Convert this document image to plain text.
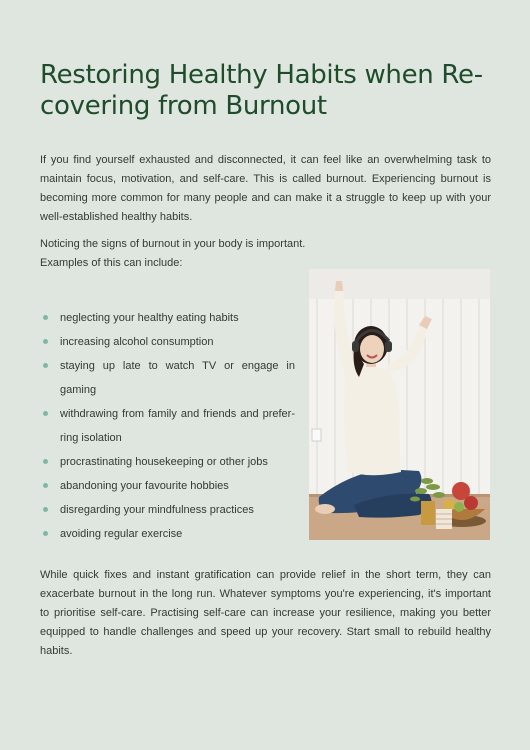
Restoring Healthy Habits when Re-covering from Burnout

If you find yourself exhausted and disconnected, it can feel like an overwhelming task to maintain focus, motivation, and self-care. This is called burnout. Experiencing burnout is becoming more common for many people and can make it a struggle to keep up with your well-established healthy habits.

Noticing the signs of burnout in your body is important.
Examples of this can include:

neglecting your healthy eating habits
increasing alcohol consumption
staying up late to watch TV or engage in gaming
withdrawing from family and friends and prefer-ring isolation
procrastinating housekeeping or other jobs
abandoning your favourite hobbies
disregarding your mindfulness practices
avoiding regular exercise

While quick fixes and instant gratification can provide relief in the short term, they can exacerbate burnout in the long run. Whatever symptoms you're experiencing, it's important to prioritise self-care. Practising self-care can increase your resilience, making you better equipped to handle challenges and speed up your recovery. Start small to rebuild healthy habits.
